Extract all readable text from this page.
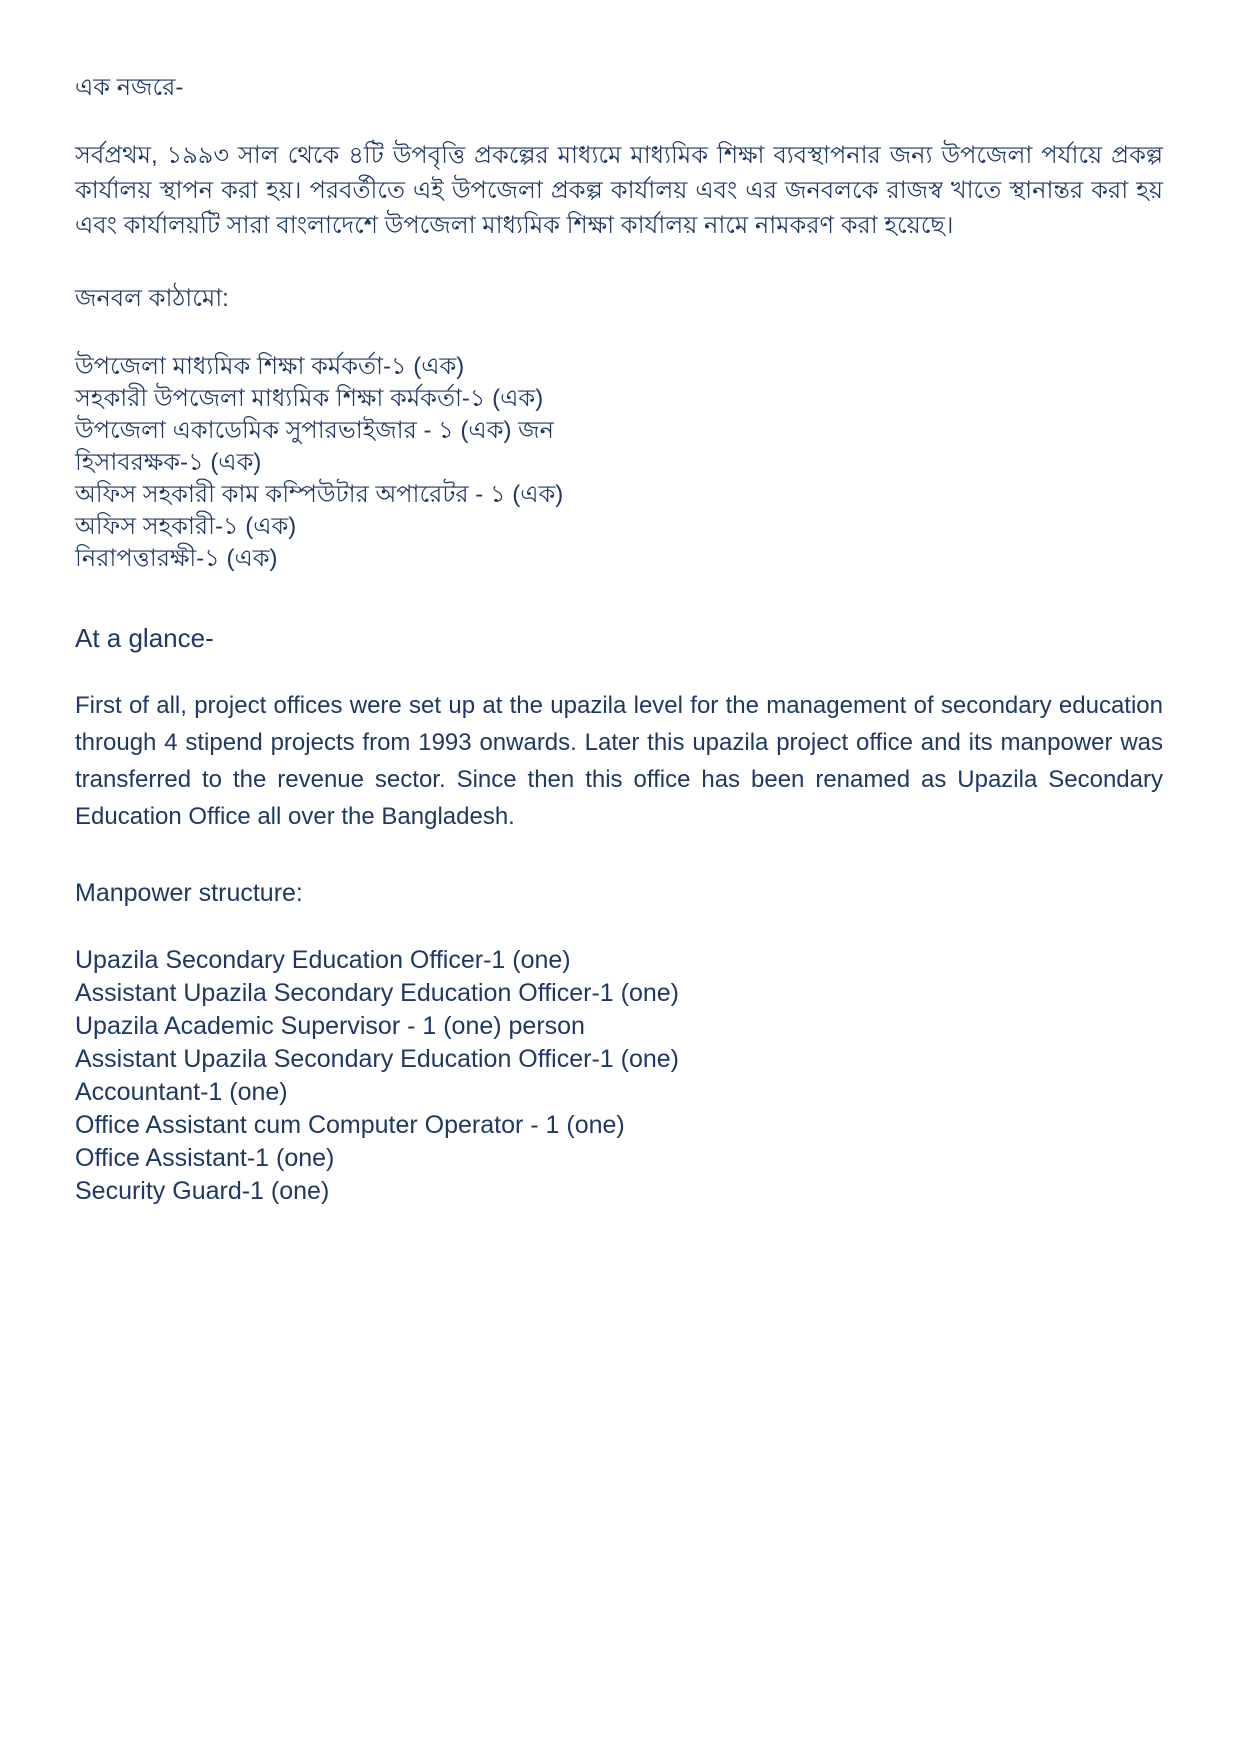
এক নজরে-

সর্বপ্রথম, ১৯৯৩ সাল থেকে ৪টি উপবৃত্তি প্রকল্পের মাধ্যমে মাধ্যমিক শিক্ষা ব্যবস্থাপনার জন্য উপজেলা পর্যায়ে প্রকল্প কার্যালয় স্থাপন করা হয়। পরবর্তীতে এই উপজেলা প্রকল্প কার্যালয় এবং এর জনবলকে রাজস্ব খাতে স্থানান্তর করা হয় এবং কার্যালয়টি সারা বাংলাদেশে উপজেলা মাধ্যমিক শিক্ষা কার্যালয় নামে নামকরণ করা হয়েছে।

জনবল কাঠামো:

উপজেলা মাধ্যমিক শিক্ষা কর্মকর্তা-১ (এক)

সহকারী উপজেলা মাধ্যমিক শিক্ষা কর্মকর্তা-১ (এক)

উপজেলা একাডেমিক সুপারভাইজার - ১ (এক) জন

হিসাবরক্ষক-১ (এক)

অফিস সহকারী কাম কম্পিউটার অপারেটর - ১ (এক)

অফিস সহকারী-১ (এক)

নিরাপত্তারক্ষী-১ (এক)

At a glance-

First of all, project offices were set up at the upazila level for the management of secondary education through 4 stipend projects from 1993 onwards. Later this upazila project office and its manpower was transferred to the revenue sector. Since then this office has been renamed as Upazila Secondary Education Office all over the Bangladesh.

Manpower structure:

Upazila Secondary Education Officer-1 (one)

Assistant Upazila Secondary Education Officer-1 (one)

Upazila Academic Supervisor - 1 (one) person

Assistant Upazila Secondary Education Officer-1 (one)

Accountant-1 (one)

Office Assistant cum Computer Operator - 1 (one)

Office Assistant-1 (one)

Security Guard-1 (one)
